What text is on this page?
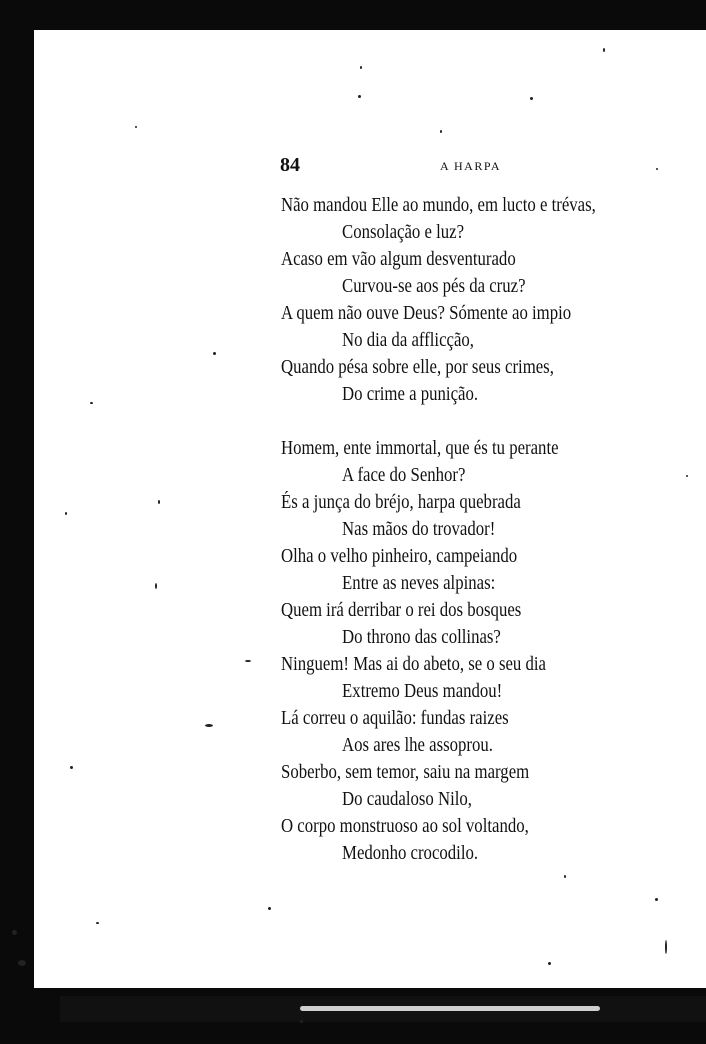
84	A HARPA
Não mandou Elle ao mundo, em lucto e trévas,
Consolação e luz?
Acaso em vão algum desventurado
Curvou-se aos pés da cruz?
A quem não ouve Deus? Sómente ao impio
No dia da afflicção,
Quando pésa sobre elle, por seus crimes,
Do crime a punição.
Homem, ente immortal, que és tu perante
A face do Senhor?
És a junça do bréjo, harpa quebrada
Nas mãos do trovador!
Olha o velho pinheiro, campeiando
Entre as neves alpinas:
Quem irá derribar o rei dos bosques
Do throno das collinas?
Ninguem! Mas ai do abeto, se o seu dia
Extremo Deus mandou!
Lá correu o aquilão: fundas raizes
Aos ares lhe assoprou.
Soberbo, sem temor, saiu na margem
Do caudaloso Nilo,
O corpo monstruoso ao sol voltando,
Medonho crocodilo.
